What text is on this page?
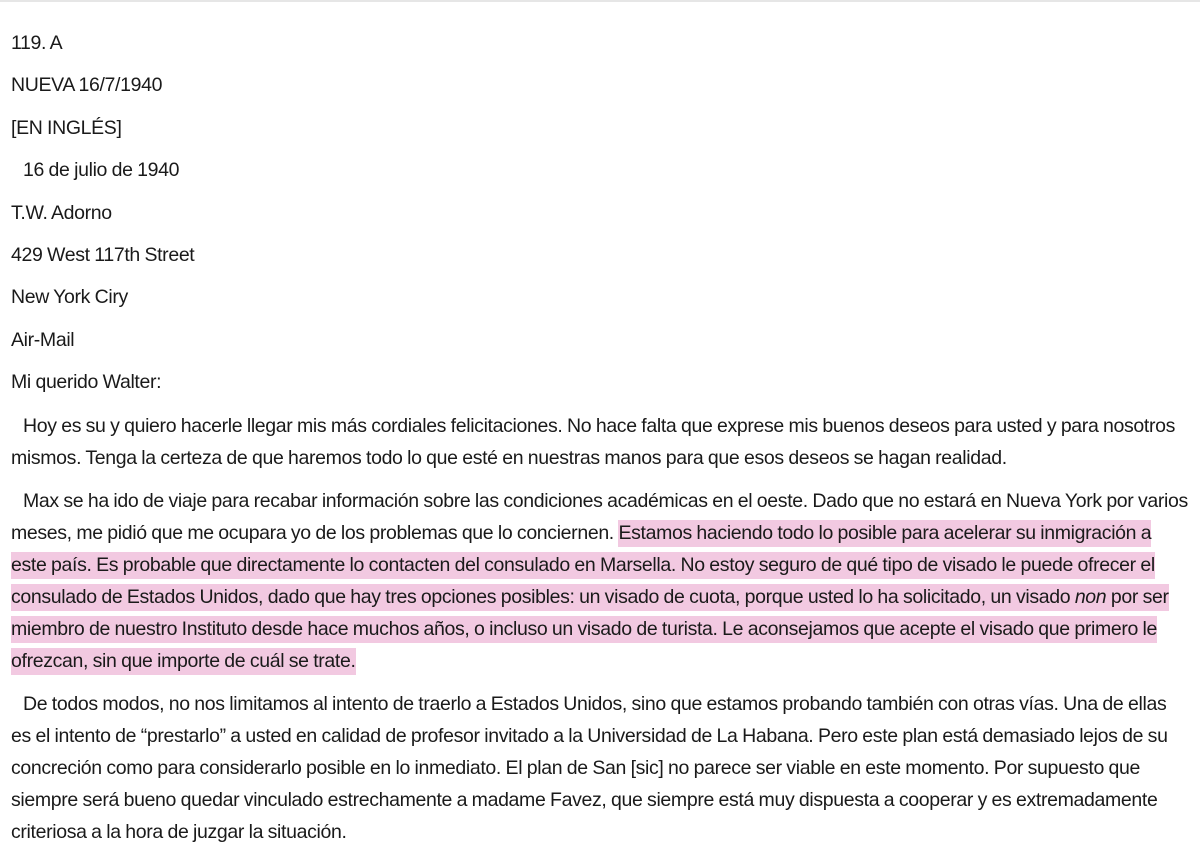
119. A

NUEVA 16/7/1940

[EN INGLÉS]

16 de julio de 1940

T.W. Adorno

429 West 117th Street

New York Ciry

Air-Mail

Mi querido Walter:

Hoy es su y quiero hacerle llegar mis más cordiales felicitaciones. No hace falta que exprese mis buenos deseos para usted y para nosotros mismos. Tenga la certeza de que haremos todo lo que esté en nuestras manos para que esos deseos se hagan realidad.

Max se ha ido de viaje para recabar información sobre las condiciones académicas en el oeste. Dado que no estará en Nueva York por varios meses, me pidió que me ocupara yo de los problemas que lo conciernen. Estamos haciendo todo lo posible para acelerar su inmigración a este país. Es probable que directamente lo contacten del consulado en Marsella. No estoy seguro de qué tipo de visado le puede ofrecer el consulado de Estados Unidos, dado que hay tres opciones posibles: un visado de cuota, porque usted lo ha solicitado, un visado non por ser miembro de nuestro Instituto desde hace muchos años, o incluso un visado de turista. Le aconsejamos que acepte el visado que primero le ofrezcan, sin que importe de cuál se trate.

De todos modos, no nos limitamos al intento de traerlo a Estados Unidos, sino que estamos probando también con otras vías. Una de ellas es el intento de “prestarlo” a usted en calidad de profesor invitado a la Universidad de La Habana. Pero este plan está demasiado lejos de su concreción como para considerarlo posible en lo inmediato. El plan de San [sic] no parece ser viable en este momento. Por supuesto que siempre será bueno quedar vinculado estrechamente a madame Favez, que siempre está muy dispuesta a cooperar y es extremadamente criteriosa a la hora de juzgar la situación.
